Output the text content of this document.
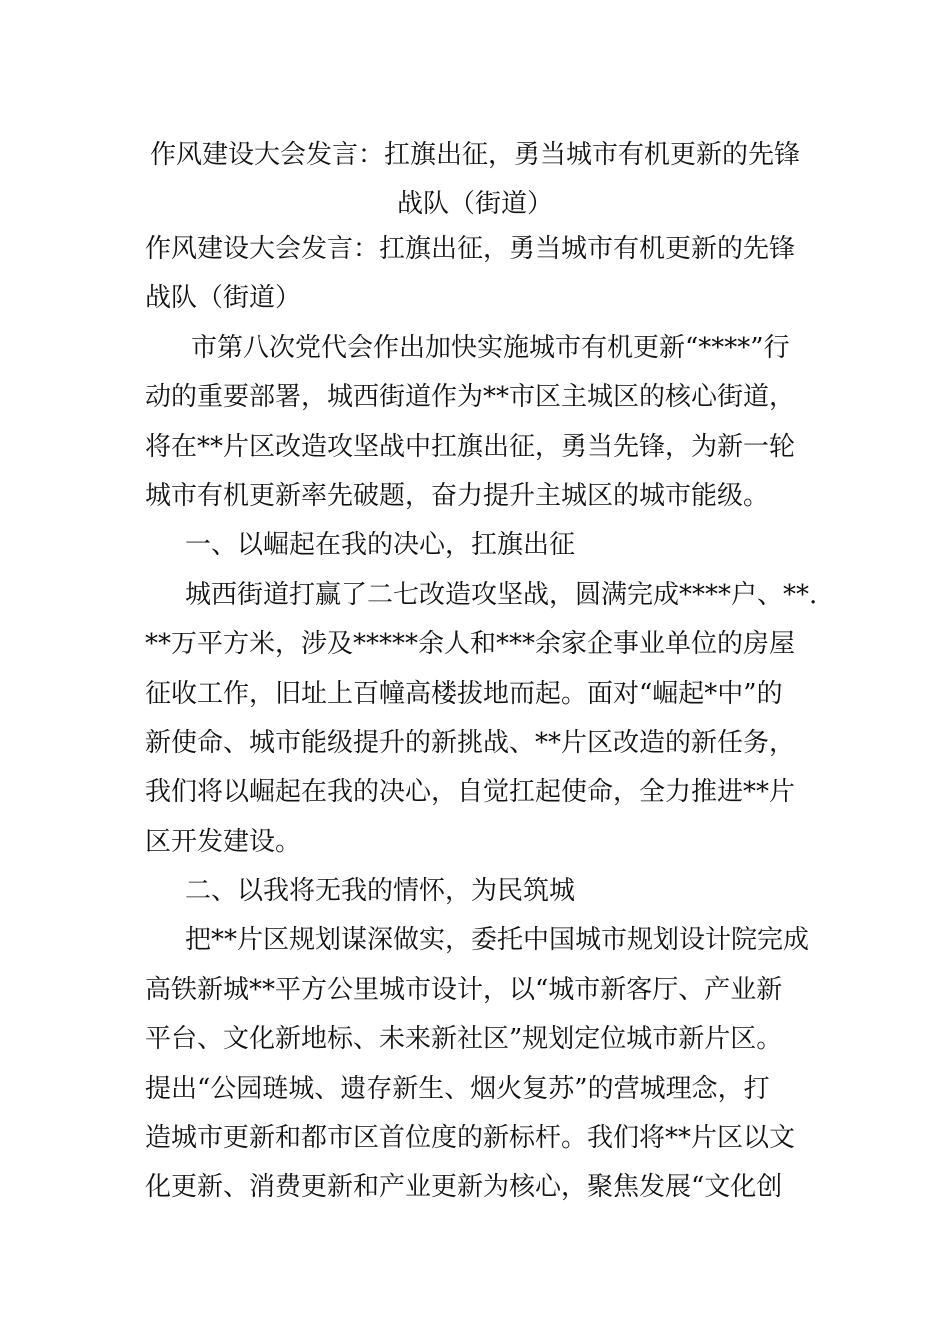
作风建设大会发言：扛旗出征，勇当城市有机更新的先锋
战队（街道）
作风建设大会发言：扛旗出征，勇当城市有机更新的先锋
战队（街道）
市第八次党代会作出加快实施城市有机更新“****”行
动的重要部署，城西街道作为**市区主城区的核心街道，
将在**片区改造攻坚战中扛旗出征，勇当先锋，为新一轮
城市有机更新率先破题，奋力提升主城区的城市能级。
一、以崛起在我的决心，扛旗出征
城西街道打赢了二七改造攻坚战，圆满完成****户、**.
**万平方米，涉及*****余人和***余家企事业单位的房屋
征收工作，旧址上百幢高楼拔地而起。面对“崛起*中”的
新使命、城市能级提升的新挑战、**片区改造的新任务，
我们将以崛起在我的决心，自觉扛起使命，全力推进**片
区开发建设。
二、以我将无我的情怀，为民筑城
把**片区规划谋深做实，委托中国城市规划设计院完成
高铁新城**平方公里城市设计，以“城市新客厅、产业新
平台、文化新地标、未来新社区”规划定位城市新片区。
提出“公园琏城、遗存新生、烟火复苏”的营城理念，打
造城市更新和都市区首位度的新标杆。我们将**片区以文
化更新、消费更新和产业更新为核心，聚焦发展“文化创
